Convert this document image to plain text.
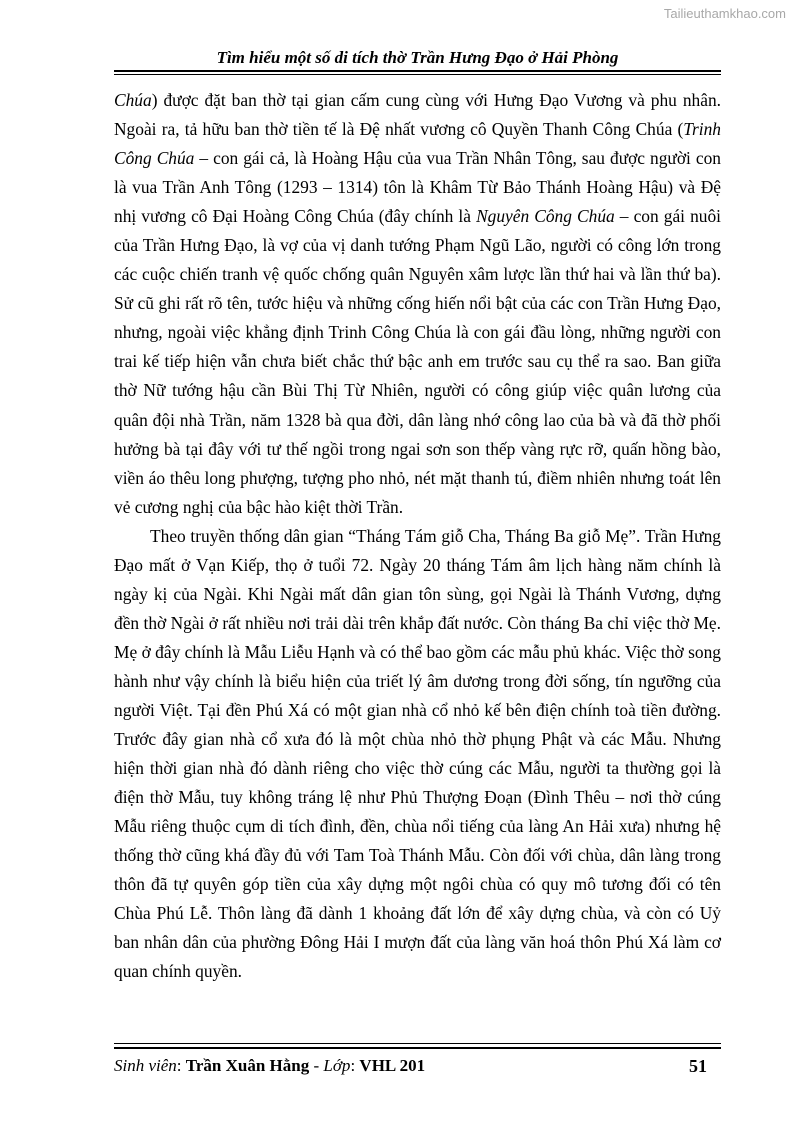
Tailieuthamkhao.com
Tìm hiểu một số di tích thờ Trần Hưng Đạo ở Hải Phòng

Chúa) được đặt ban thờ tại gian cấm cung cùng với Hưng Đạo Vương và phu nhân. Ngoài ra, tả hữu ban thờ tiền tế là Đệ nhất vương cô Quyền Thanh Công Chúa (Trinh Công Chúa – con gái cả, là Hoàng Hậu của vua Trần Nhân Tông, sau được người con là vua Trần Anh Tông (1293 – 1314) tôn là Khâm Từ Bảo Thánh Hoàng Hậu) và Đệ nhị vương cô Đại Hoàng Công Chúa (đây chính là Nguyên Công Chúa – con gái nuôi của Trần Hưng Đạo, là vợ của vị danh tướng Phạm Ngũ Lão, người có công lớn trong các cuộc chiến tranh vệ quốc chống quân Nguyên xâm lược lần thứ hai và lần thứ ba). Sử cũ ghi rất rõ tên, tước hiệu và những cống hiến nổi bật của các con Trần Hưng Đạo, nhưng, ngoài việc khẳng định Trinh Công Chúa là con gái đầu lòng, những người con trai kế tiếp hiện vẫn chưa biết chắc thứ bậc anh em trước sau cụ thể ra sao. Ban giữa thờ Nữ tướng hậu cần Bùi Thị Từ Nhiên, người có công giúp việc quân lương của quân đội nhà Trần, năm 1328 bà qua đời, dân làng nhớ công lao của bà và đã thờ phối hưởng bà tại đây với tư thế ngồi trong ngai sơn son thếp vàng rực rỡ, quấn hồng bào, viền áo thêu long phượng, tượng pho nhỏ, nét mặt thanh tú, điềm nhiên nhưng toát lên vẻ cương nghị của bậc hào kiệt thời Trần.

Theo truyền thống dân gian “Tháng Tám giỗ Cha, Tháng Ba giỗ Mẹ”. Trần Hưng Đạo mất ở Vạn Kiếp, thọ ở tuổi 72. Ngày 20 tháng Tám âm lịch hàng năm chính là ngày kị của Ngài. Khi Ngài mất dân gian tôn sùng, gọi Ngài là Thánh Vương, dựng đền thờ Ngài ở rất nhiều nơi trải dài trên khắp đất nước. Còn tháng Ba chỉ việc thờ Mẹ. Mẹ ở đây chính là Mẫu Liễu Hạnh và có thể bao gồm các mẫu phủ khác. Việc thờ song hành như vậy chính là biểu hiện của triết lý âm dương trong đời sống, tín ngưỡng của người Việt. Tại đền Phú Xá có một gian nhà cổ nhỏ kế bên điện chính toà tiền đường. Trước đây gian nhà cổ xưa đó là một chùa nhỏ thờ phụng Phật và các Mẫu. Nhưng hiện thời gian nhà đó dành riêng cho việc thờ cúng các Mẫu, người ta thường gọi là điện thờ Mẫu, tuy không tráng lệ như Phủ Thượng Đoạn (Đình Thêu – nơi thờ cúng Mẫu riêng thuộc cụm di tích đình, đền, chùa nổi tiếng của làng An Hải xưa) nhưng hệ thống thờ cũng khá đầy đủ với Tam Toà Thánh Mẫu. Còn đối với chùa, dân làng trong thôn đã tự quyên góp tiền của xây dựng một ngôi chùa có quy mô tương đối có tên Chùa Phú Lễ. Thôn làng đã dành 1 khoảng đất lớn để xây dựng chùa, và còn có Uỷ ban nhân dân của phường Đông Hải I mượn đất của làng văn hoá thôn Phú Xá làm cơ quan chính quyền.

Sinh viên: Trần Xuân Hằng - Lớp: VHL 201	51
